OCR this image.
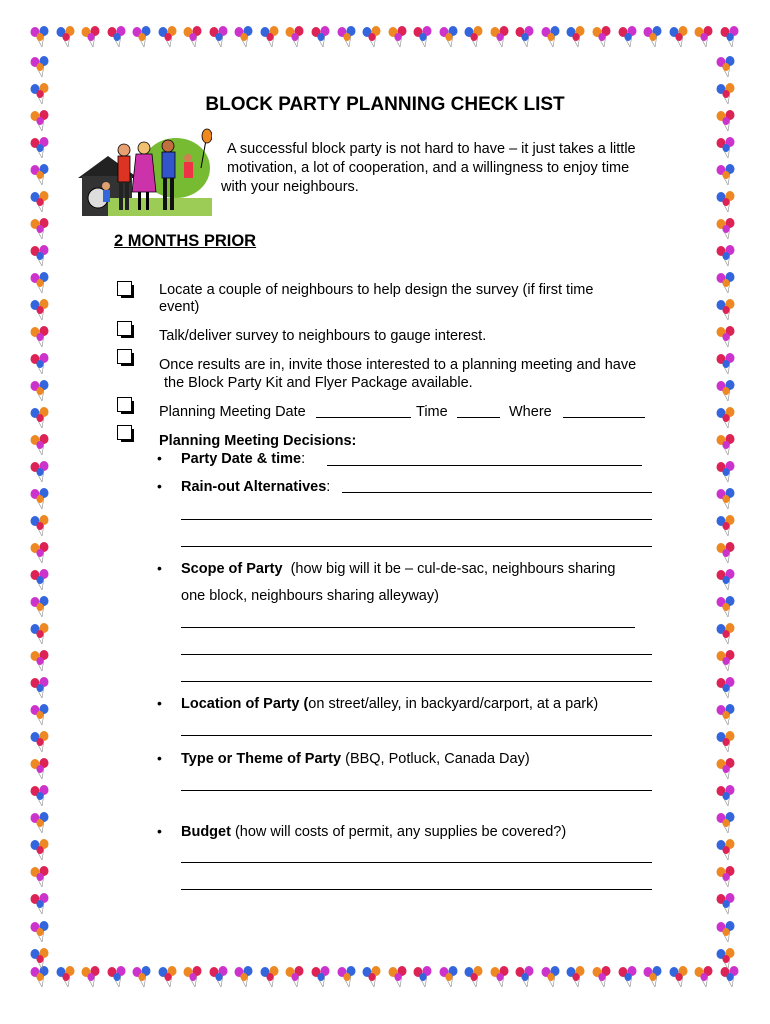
BLOCK PARTY PLANNING CHECK LIST
A successful block party is not hard to have – it just takes a little
motivation, a lot of cooperation, and a willingness to enjoy time
with your neighbours.
2 MONTHS PRIOR
Locate a couple of neighbours to help design the survey (if first time
event)
Talk/deliver survey to neighbours to gauge interest.
Once results are in, invite those interested to a planning meeting and have
the Block Party Kit and Flyer Package available.
Planning Meeting Date	Time	Where
Planning Meeting Decisions:
• Party Date & time:
• Rain-out Alternatives:
• Scope of Party (how big will it be – cul-de-sac, neighbours sharing
one block, neighbours sharing alleyway)
• Location of Party (on street/alley, in backyard/carport, at a park)
• Type or Theme of Party (BBQ, Potluck, Canada Day)
• Budget (how will costs of permit, any supplies be covered?)
